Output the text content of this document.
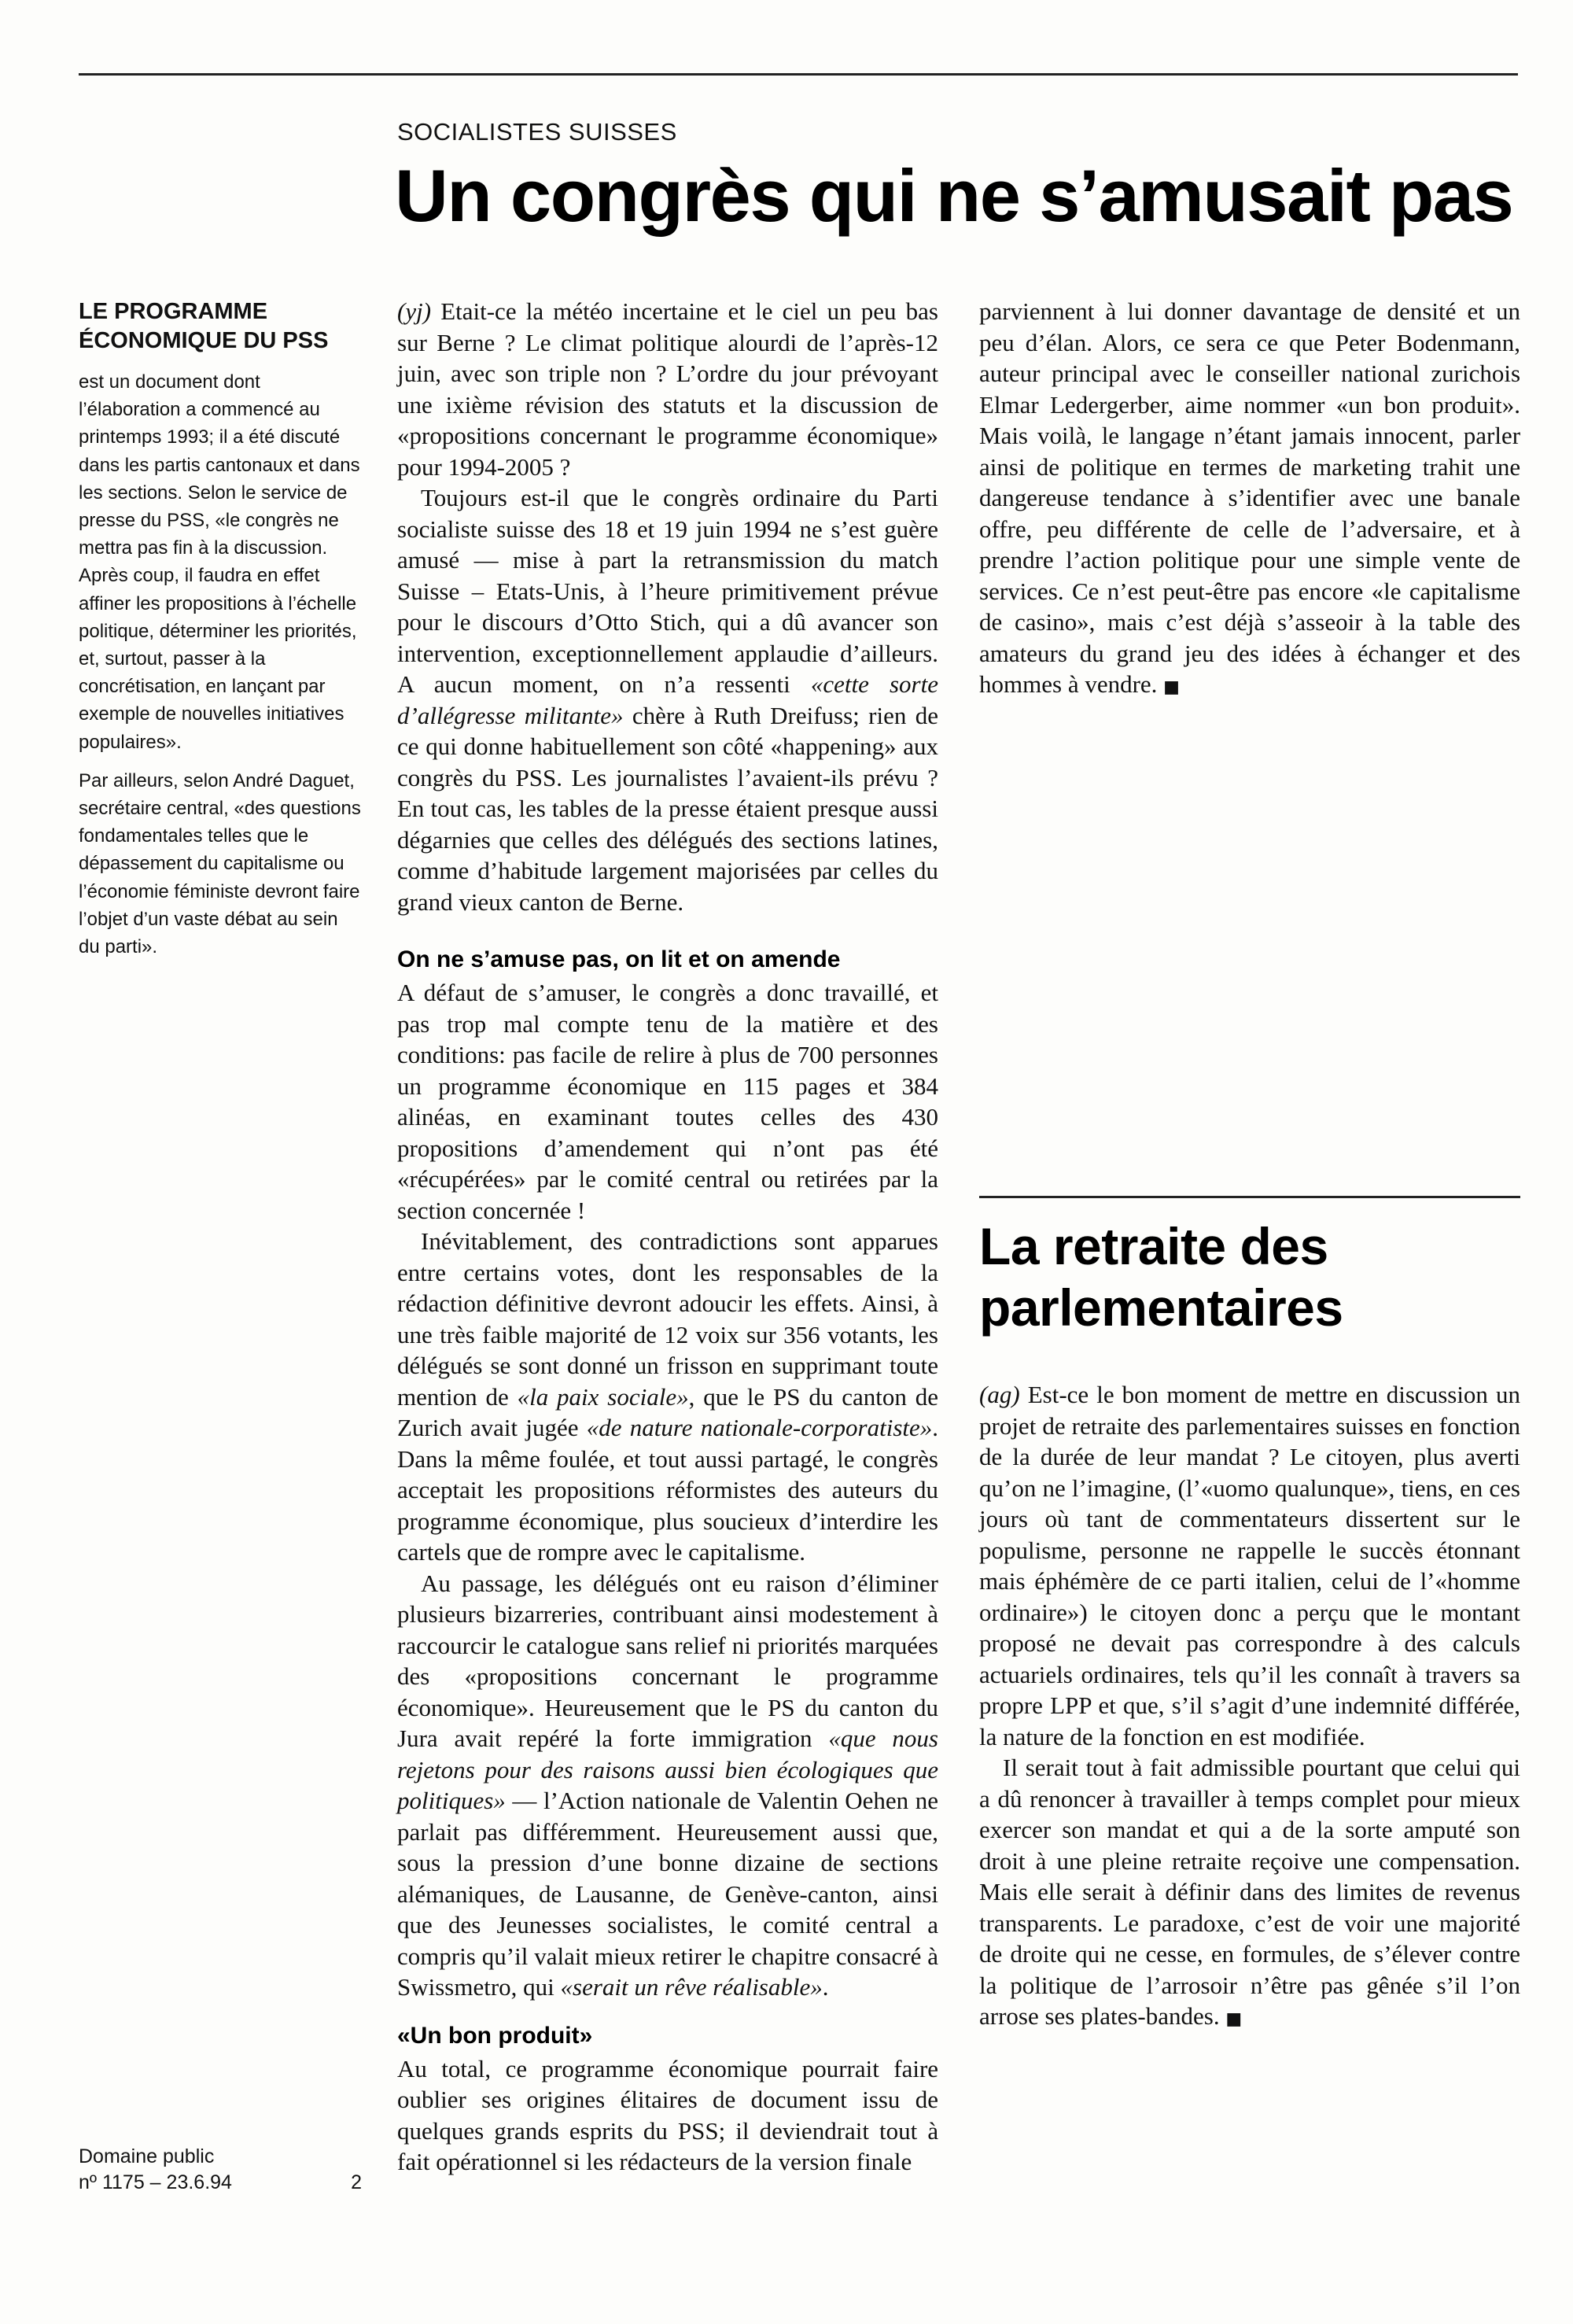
SOCIALISTES SUISSES
Un congrès qui ne s’amusait pas
LE PROGRAMME ÉCONOMIQUE DU PSS

est un document dont l’élaboration a commencé au printemps 1993; il a été discuté dans les partis cantonaux et dans les sections. Selon le service de presse du PSS, «le congrès ne mettra pas fin à la discussion. Après coup, il faudra en effet affiner les propositions à l’échelle politique, déterminer les priorités, et, surtout, passer à la concrétisation, en lançant par exemple de nouvelles initiatives populaires».

Par ailleurs, selon André Daguet, secrétaire central, «des questions fondamentales telles que le dépassement du capitalisme ou l’économie féministe devront faire l’objet d’un vaste débat au sein du parti».

Domaine public
nº 1175 – 23.6.94	2

(yj) Etait-ce la météo incertaine et le ciel un peu bas sur Berne ? Le climat politique alourdi de l’après-12 juin, avec son triple non ? L’ordre du jour prévoyant une ixième révision des statuts et la discussion de «propositions concernant le programme économique» pour 1994-2005 ?

Toujours est-il que le congrès ordinaire du Parti socialiste suisse des 18 et 19 juin 1994 ne s’est guère amusé — mise à part la retransmission du match Suisse – Etats-Unis, à l’heure primitivement prévue pour le discours d’Otto Stich, qui a dû avancer son intervention, exceptionnellement applaudie d’ailleurs. A aucun moment, on n’a ressenti «cette sorte d’allégresse militante» chère à Ruth Dreifuss; rien de ce qui donne habituellement son côté «happening» aux congrès du PSS. Les journalistes l’avaient-ils prévu ? En tout cas, les tables de la presse étaient presque aussi dégarnies que celles des délégués des sections latines, comme d’habitude largement majorisées par celles du grand vieux canton de Berne.

On ne s’amuse pas, on lit et on amende

A défaut de s’amuser, le congrès a donc travaillé, et pas trop mal compte tenu de la matière et des conditions: pas facile de relire à plus de 700 personnes un programme économique en 115 pages et 384 alinéas, en examinant toutes celles des 430 propositions d’amendement qui n’ont pas été «récupérées» par le comité central ou retirées par la section concernée !

Inévitablement, des contradictions sont apparues entre certains votes, dont les responsables de la rédaction définitive devront adoucir les effets. Ainsi, à une très faible majorité de 12 voix sur 356 votants, les délégués se sont donné un frisson en supprimant toute mention de «la paix sociale», que le PS du canton de Zurich avait jugée «de nature nationale-corporatiste». Dans la même foulée, et tout aussi partagé, le congrès acceptait les propositions réformistes des auteurs du programme économique, plus soucieux d’interdire les cartels que de rompre avec le capitalisme.

Au passage, les délégués ont eu raison d’éliminer plusieurs bizarreries, contribuant ainsi modestement à raccourcir le catalogue sans relief ni priorités marquées des «propositions concernant le programme économique». Heureusement que le PS du canton du Jura avait repéré la forte immigration «que nous rejetons pour des raisons aussi bien écologiques que politiques» — l’Action nationale de Valentin Oehen ne parlait pas différemment. Heureusement aussi que, sous la pression d’une bonne dizaine de sections alémaniques, de Lausanne, de Genève-canton, ainsi que des Jeunesses socialistes, le comité central a compris qu’il valait mieux retirer le chapitre consacré à Swissmetro, qui «serait un rêve réalisable».

«Un bon produit»

Au total, ce programme économique pourrait faire oublier ses origines élitaires de document issu de quelques grands esprits du PSS; il deviendrait tout à fait opérationnel si les rédacteurs de la version finale

La retraite des parlementaires

(ag) Est-ce le bon moment de mettre en discussion un projet de retraite des parlementaires suisses en fonction de la durée de leur mandat ? Le citoyen, plus averti qu’on ne l’imagine, (l’«uomo qualunque», tiens, en ces jours où tant de commentateurs dissertent sur le populisme, personne ne rappelle le succès étonnant mais éphémère de ce parti italien, celui de l’«homme ordinaire») le citoyen donc a perçu que le montant proposé ne devait pas correspondre à des calculs actuariels ordinaires, tels qu’il les connaît à travers sa propre LPP et que, s’il s’agit d’une indemnité différée, la nature de la fonction en est modifiée.

Il serait tout à fait admissible pourtant que celui qui a dû renoncer à travailler à temps complet pour mieux exercer son mandat et qui a de la sorte amputé son droit à une pleine retraite reçoive une compensation. Mais elle serait à définir dans des limites de revenus transparents. Le paradoxe, c’est de voir une majorité de droite qui ne cesse, en formules, de s’élever contre la politique de l’arrosoir n’être pas gênée s’il l’on arrose ses plates-bandes. ■

parviennent à lui donner davantage de densité et un peu d’élan. Alors, ce sera ce que Peter Bodenmann, auteur principal avec le conseiller national zurichois Elmar Ledergerber, aime nommer «un bon produit». Mais voilà, le langage n’étant jamais innocent, parler ainsi de politique en termes de marketing trahit une dangereuse tendance à s’identifier avec une banale offre, peu différente de celle de l’adversaire, et à prendre l’action politique pour une simple vente de services. Ce n’est peut-être pas encore «le capitalisme de casino», mais c’est déjà s’asseoir à la table des amateurs du grand jeu des idées à échanger et des hommes à vendre. ■
